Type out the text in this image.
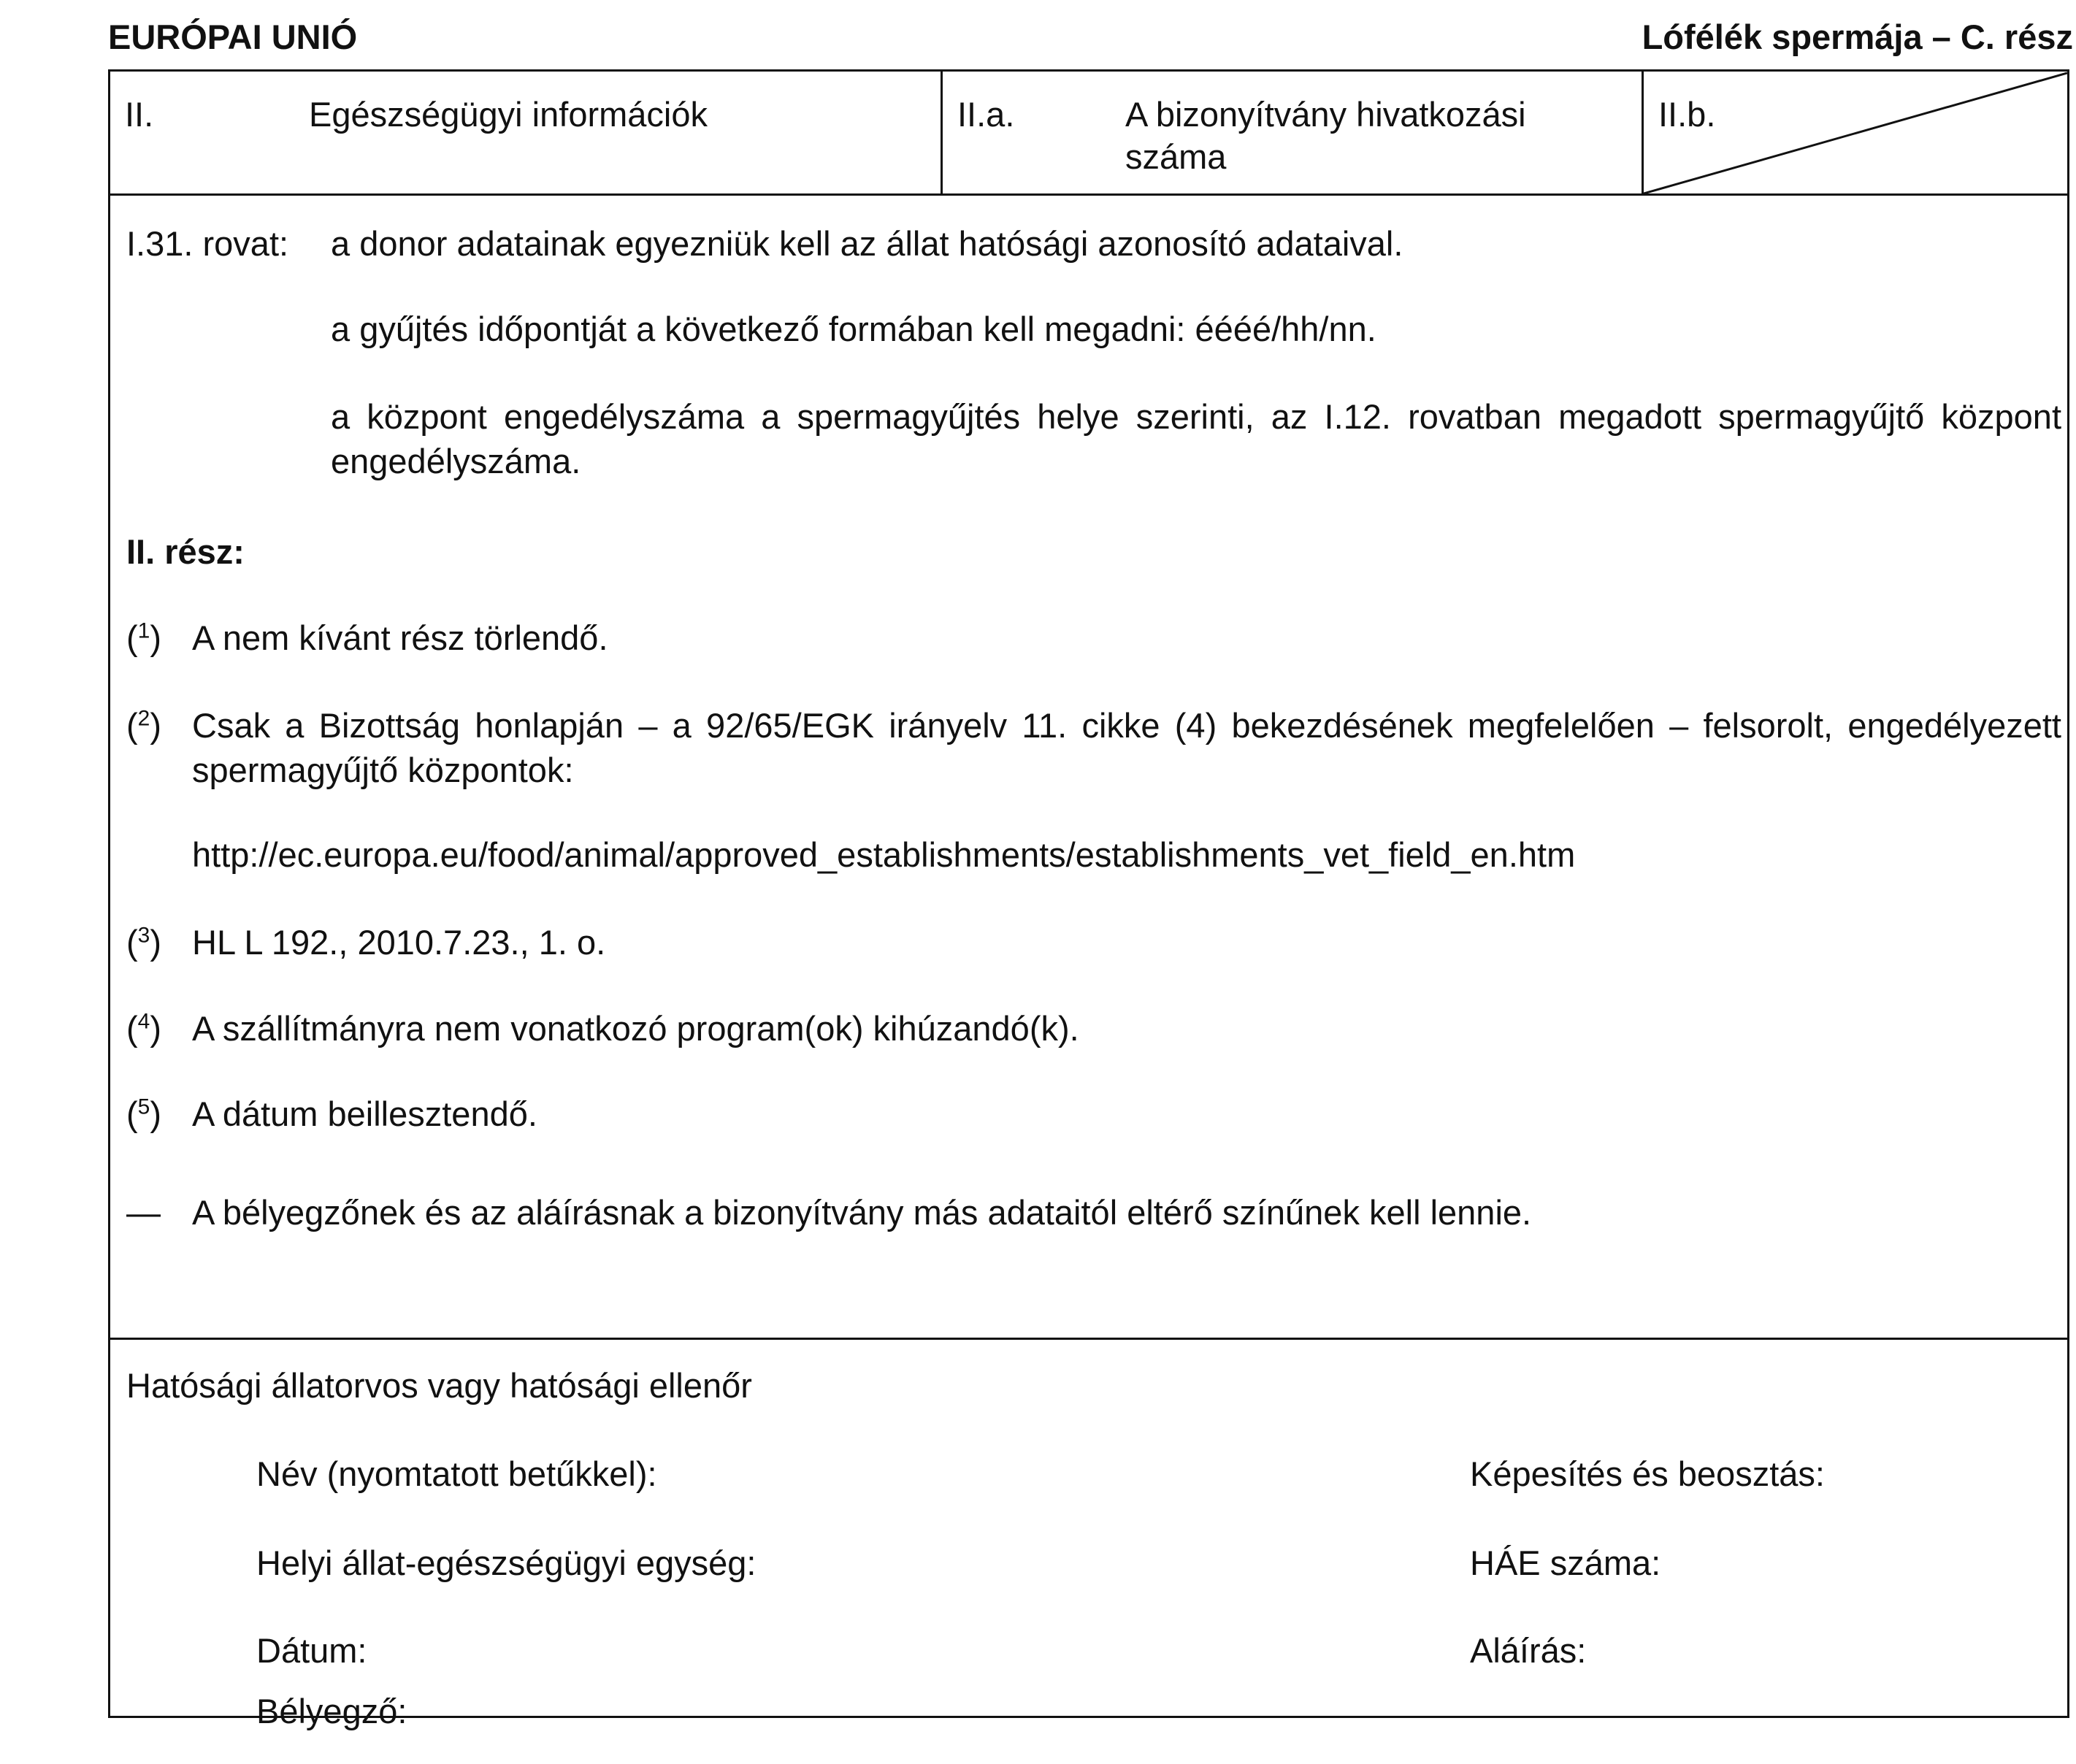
EURÓPAI UNIÓ	Lófélék spermája – C. rész
II.	Egészségügyi információk	II.a.	A bizonyítvány hivatkozási
száma
II.b.
I.31. rovat: a donor adatainak egyezniük kell az állat hatósági azonosító adataival.
a gyűjtés időpontját a következő formában kell megadni: éééé/hh/nn.
a központ engedélyszáma a spermagyűjtés helye szerinti, az I.12. rovatban megadott spermagyűjtő központ engedélyszáma.
II. rész:
($^1$) A nem kívánt rész törlendő.
($^2$) Csak a Bizottság honlapján – a 92/65/EGK irányelv 11. cikke (4) bekezdésének megfelelően – felsorolt, engedélyezett spermagyűjtő központok:
http://ec.europa.eu/food/animal/approved_establishments/establishments_vet_field_en.htm
($^3$) HL L 192., 2010.7.23., 1. o.
($^4$) A szállítmányra nem vonatkozó program(ok) kihúzandó(k).
($^5$) A dátum beillesztendő.
— A bélyegzőnek és az aláírásnak a bizonyítvány más adataitól eltérő színűnek kell lennie.
Hatósági állatorvos vagy hatósági ellenőr
Név (nyomtatott betűkkel):	Képesítés és beosztás:
Helyi állat-egészségügyi egység:	HÁE száma:
Dátum:	Aláírás:
Bélyegző:
